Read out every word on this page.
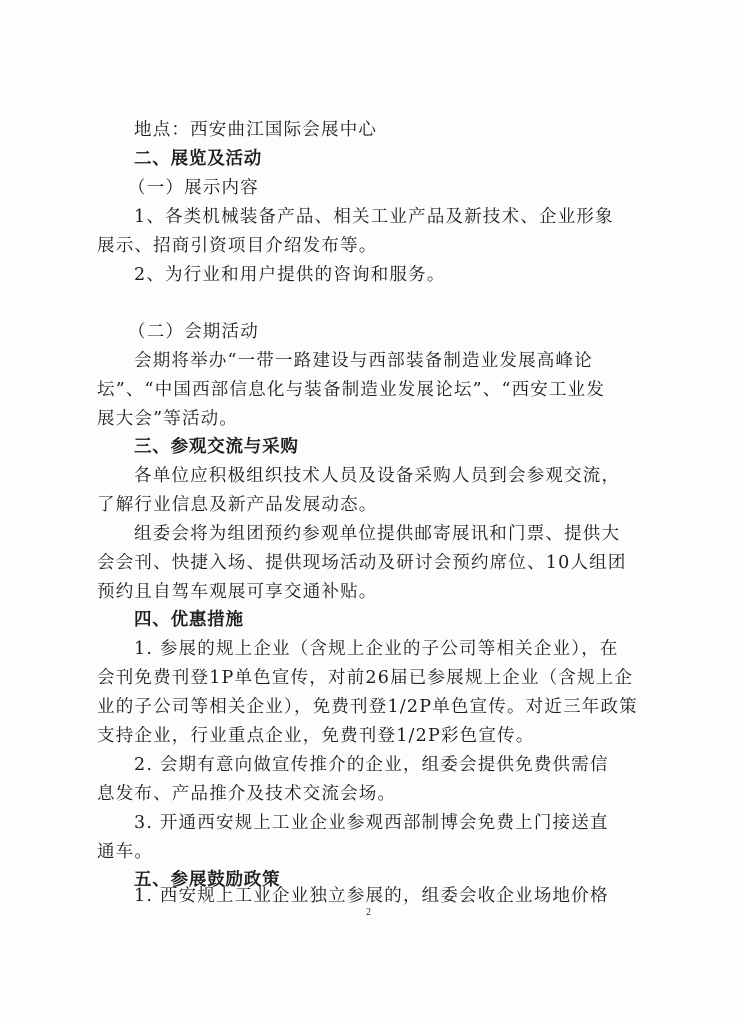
地点：西安曲江国际会展中心
二、展览及活动
（一）展示内容
1、各类机械装备产品、相关工业产品及新技术、企业形象
展示、招商引资项目介绍发布等。
2、为行业和用户提供的咨询和服务。
（二）会期活动
会期将举办“一带一路建设与西部装备制造业发展高峰论
坛”、“中国西部信息化与装备制造业发展论坛”、“西安工业发
展大会”等活动。
三、参观交流与采购
各单位应积极组织技术人员及设备采购人员到会参观交流，
了解行业信息及新产品发展动态。
组委会将为组团预约参观单位提供邮寄展讯和门票、提供大
会会刊、快捷入场、提供现场活动及研讨会预约席位、10人组团
预约且自驾车观展可享交通补贴。
四、优惠措施
1. 参展的规上企业（含规上企业的子公司等相关企业），在
会刊免费刊登1P单色宣传，对前26届已参展规上企业（含规上企
业的子公司等相关企业），免费刊登1/2P单色宣传。对近三年政策
支持企业，行业重点企业，免费刊登1/2P彩色宣传。
2. 会期有意向做宣传推介的企业，组委会提供免费供需信
息发布、产品推介及技术交流会场。
3. 开通西安规上工业企业参观西部制博会免费上门接送直
通车。
五、参展鼓励政策
1. 西安规上工业企业独立参展的，组委会收企业场地价格
2
